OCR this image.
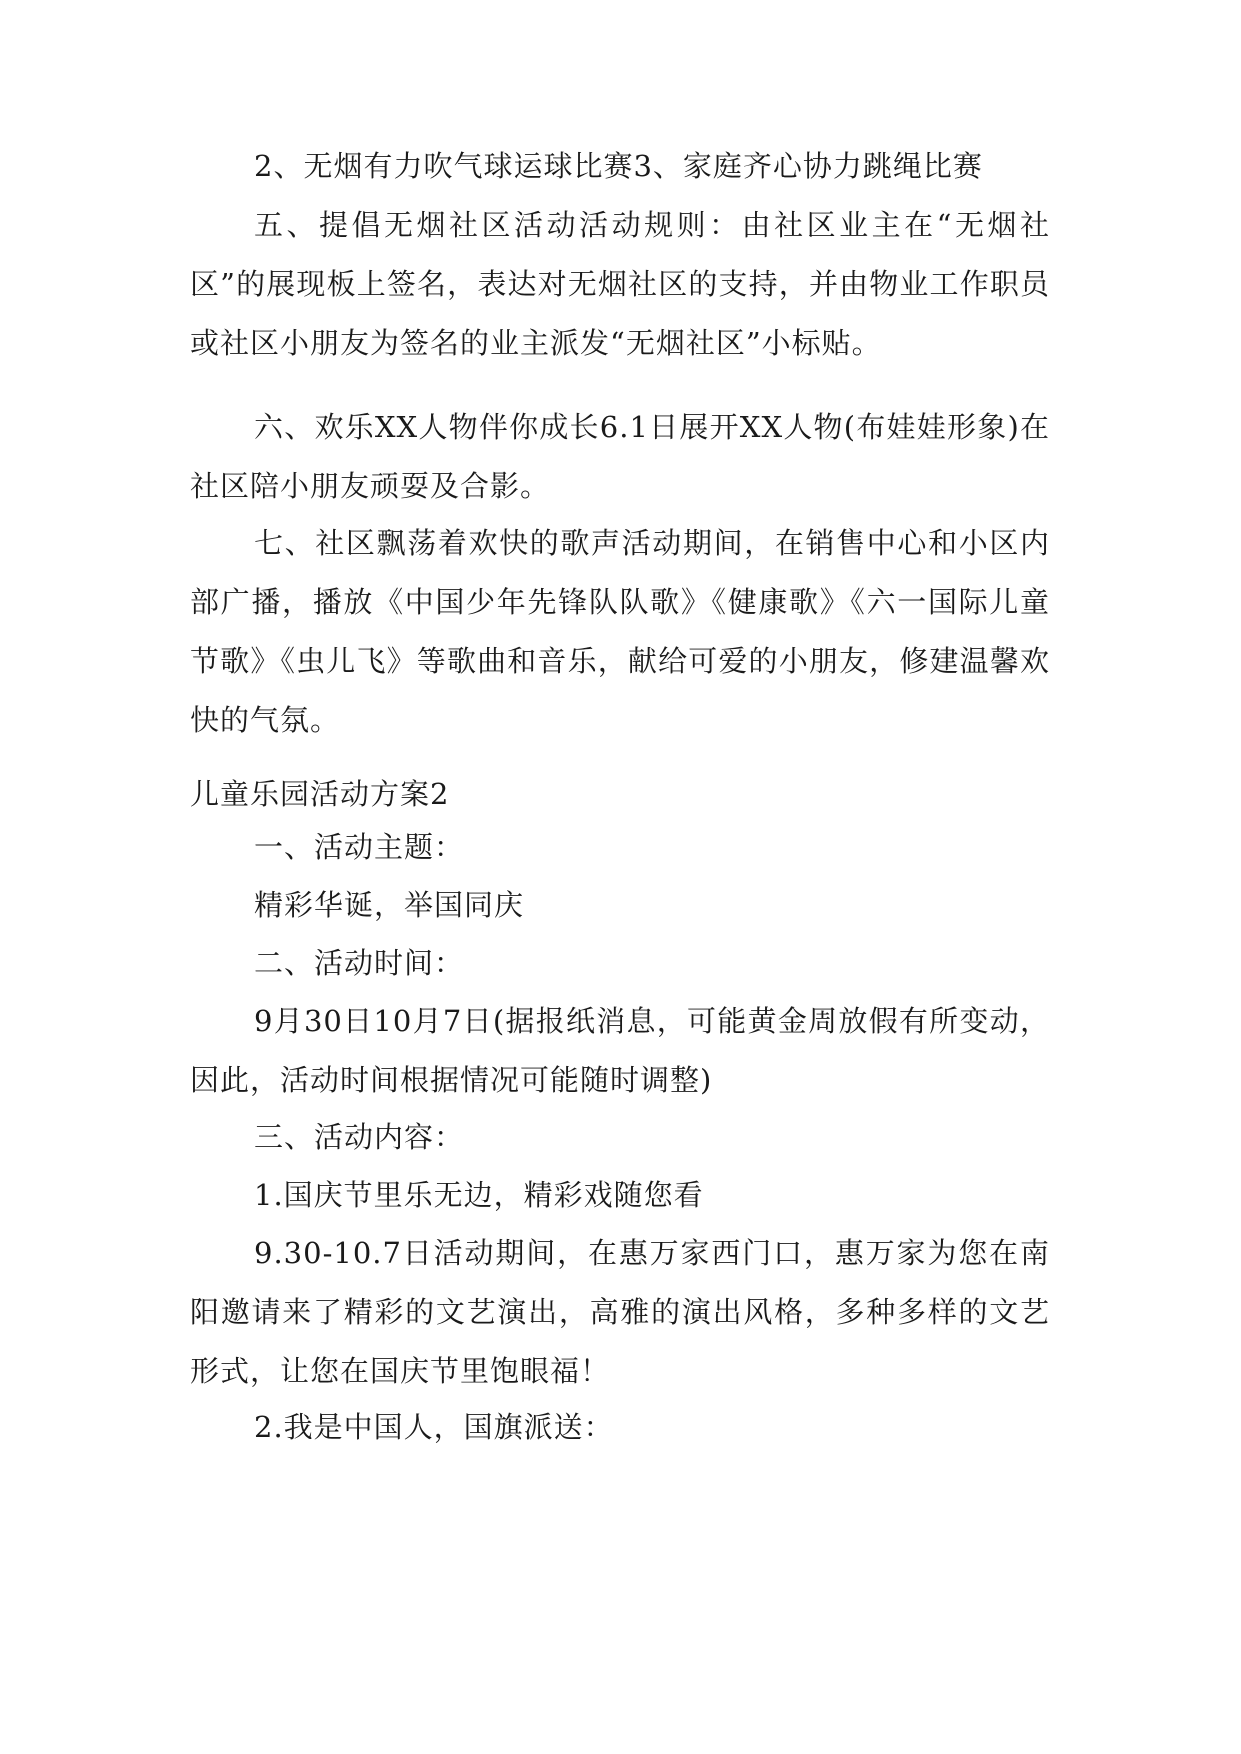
2、无烟有力吹气球运球比赛3、家庭齐心协力跳绳比赛

五、提倡无烟社区活动活动规则：由社区业主在“无烟社区”的展现板上签名，表达对无烟社区的支持，并由物业工作职员或社区小朋友为签名的业主派发“无烟社区”小标贴。

六、欢乐XX人物伴你成长6.1日展开XX人物(布娃娃形象)在社区陪小朋友顽耍及合影。

七、社区飘荡着欢快的歌声活动期间，在销售中心和小区内部广播，播放《中国少年先锋队队歌》《健康歌》《六一国际儿童节歌》《虫儿飞》等歌曲和音乐，献给可爱的小朋友，修建温馨欢快的气氛。

儿童乐园活动方案2

一、活动主题：

精彩华诞，举国同庆

二、活动时间：

9月30日10月7日(据报纸消息，可能黄金周放假有所变动，因此，活动时间根据情况可能随时调整)

三、活动内容：

1.国庆节里乐无边，精彩戏随您看

9.30-10.7日活动期间，在惠万家西门口，惠万家为您在南阳邀请来了精彩的文艺演出，高雅的演出风格，多种多样的文艺形式，让您在国庆节里饱眼福！

2.我是中国人，国旗派送：
